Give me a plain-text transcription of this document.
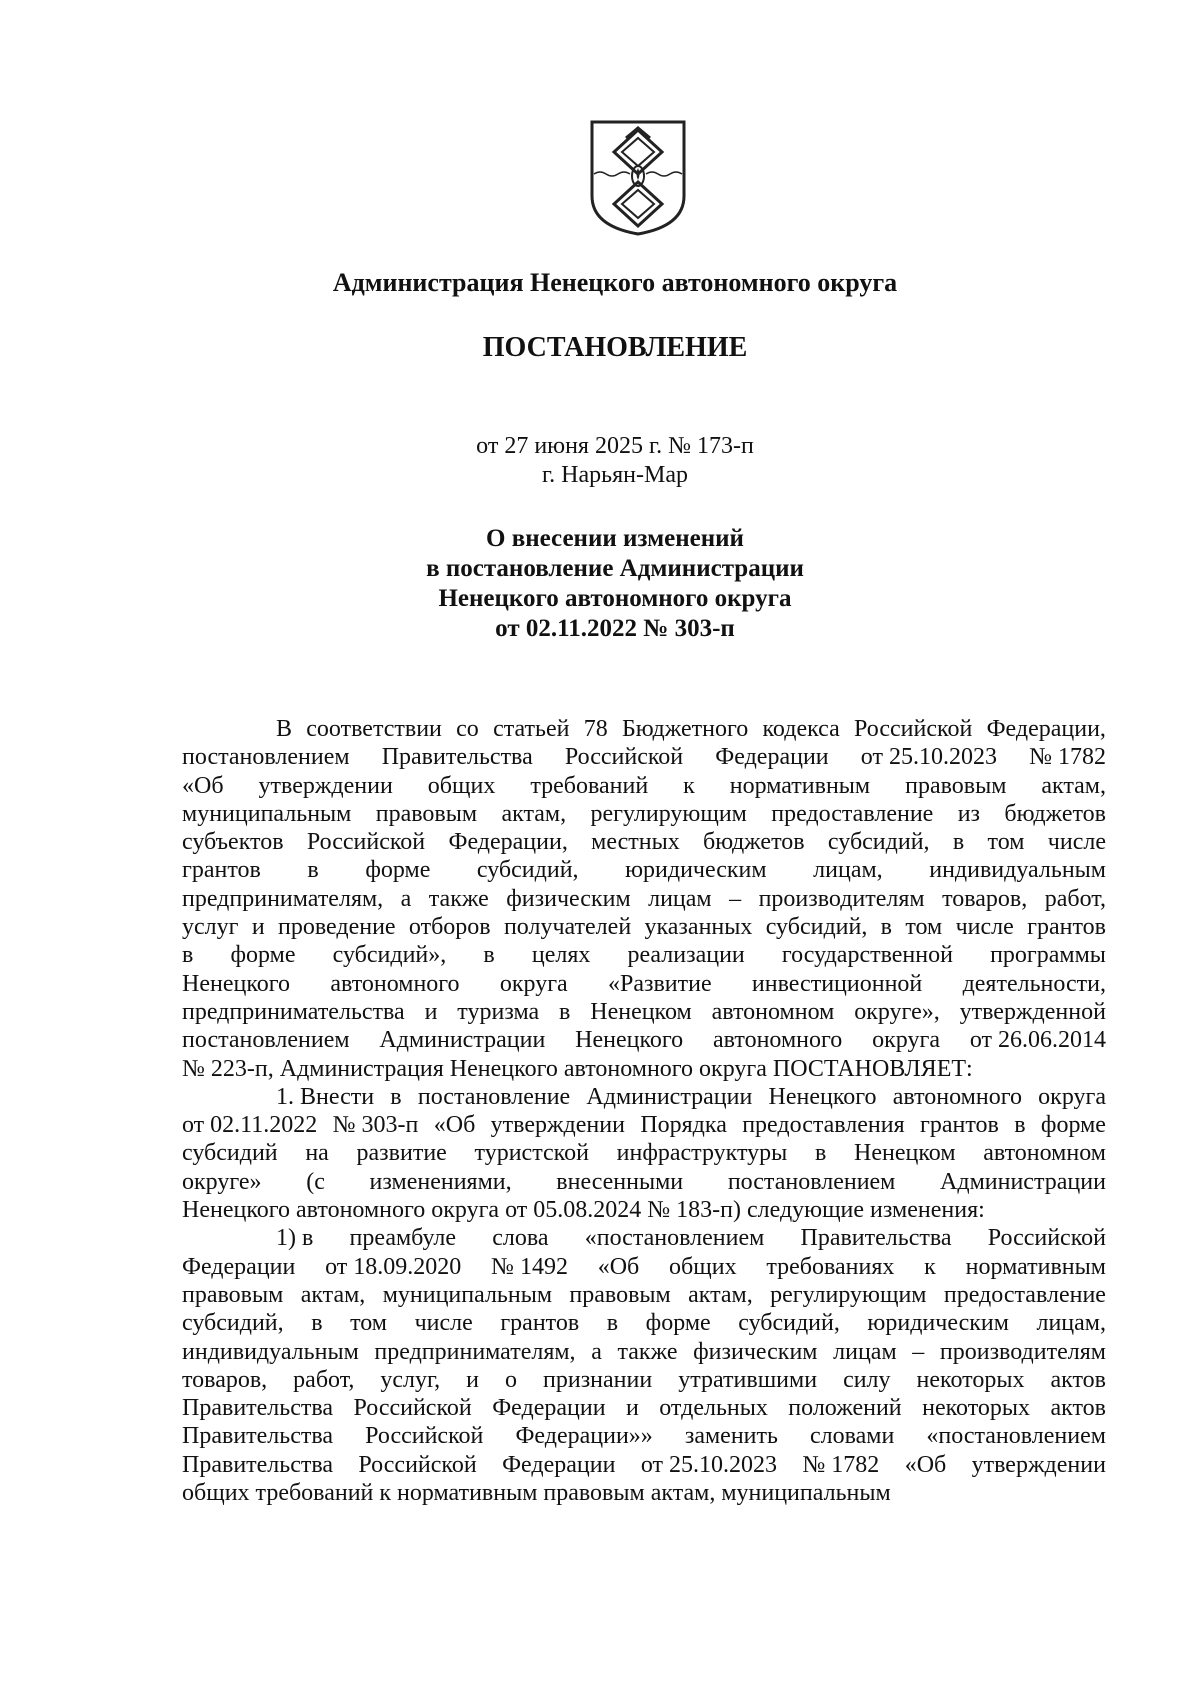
Администрация Ненецкого автономного округа
ПОСТАНОВЛЕНИЕ
от 27 июня 2025 г. № 173-п
г. Нарьян-Мар
О внесении изменений
в постановление Администрации
Ненецкого автономного округа
от 02.11.2022 № 303-п
В соответствии со статьей 78 Бюджетного кодекса Российской Федерации,
постановлением Правительства Российской Федерации от 25.10.2023 № 1782
«Об утверждении общих требований к нормативным правовым актам,
муниципальным правовым актам, регулирующим предоставление из бюджетов
субъектов Российской Федерации, местных бюджетов субсидий, в том числе
грантов в форме субсидий, юридическим лицам, индивидуальным
предпринимателям, а также физическим лицам – производителям товаров, работ,
услуг и проведение отборов получателей указанных субсидий, в том числе грантов
в форме субсидий», в целях реализации государственной программы
Ненецкого автономного округа «Развитие инвестиционной деятельности,
предпринимательства и туризма в Ненецком автономном округе», утвержденной
постановлением Администрации Ненецкого автономного округа от 26.06.2014
№ 223-п, Администрация Ненецкого автономного округа ПОСТАНОВЛЯЕТ:
1. Внести в постановление Администрации Ненецкого автономного округа
от 02.11.2022 № 303-п «Об утверждении Порядка предоставления грантов в форме
субсидий на развитие туристской инфраструктуры в Ненецком автономном
округе» (с изменениями, внесенными постановлением Администрации
Ненецкого автономного округа от 05.08.2024 № 183-п) следующие изменения:
1) в преамбуле слова «постановлением Правительства Российской
Федерации от 18.09.2020 № 1492 «Об общих требованиях к нормативным
правовым актам, муниципальным правовым актам, регулирующим предоставление
субсидий, в том числе грантов в форме субсидий, юридическим лицам,
индивидуальным предпринимателям, а также физическим лицам – производителям
товаров, работ, услуг, и о признании утратившими силу некоторых актов
Правительства Российской Федерации и отдельных положений некоторых актов
Правительства Российской Федерации»» заменить словами «постановлением
Правительства Российской Федерации от 25.10.2023 № 1782 «Об утверждении
общих требований к нормативным правовым актам, муниципальным
